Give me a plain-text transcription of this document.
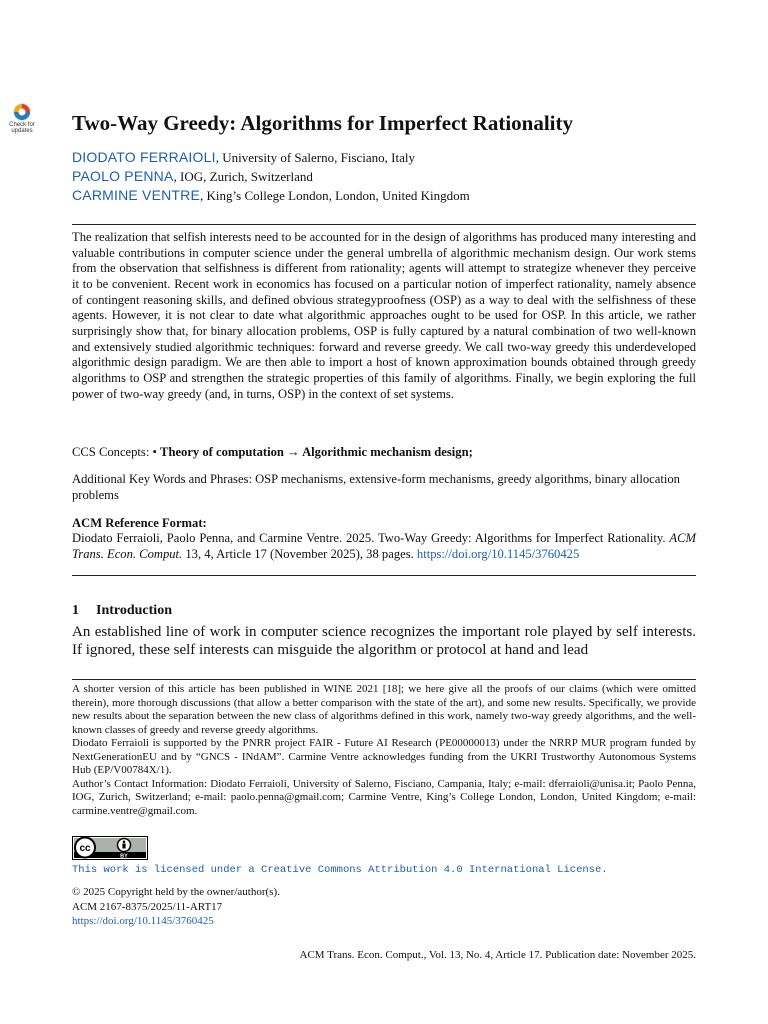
Check for
updates	Two-Way Greedy: Algorithms for Imperfect Rationality
DIODATO FERRAIOLI, University of Salerno, Fisciano, Italy
PAOLO PENNA, IOG, Zurich, Switzerland
CARMINE VENTRE, King’s College London, London, United Kingdom
The realization that selfish interests need to be accounted for in the design of algorithms has produced many interesting and valuable contributions in computer science under the general umbrella of algorithmic mechanism design. Our work stems from the observation that selfishness is different from rationality; agents will attempt to strategize whenever they perceive it to be convenient. Recent work in economics has focused on a particular notion of imperfect rationality, namely absence of contingent reasoning skills, and defined obvious strategyproofness (OSP) as a way to deal with the selfishness of these agents. However, it is not clear to date what algorithmic approaches ought to be used for OSP. In this article, we rather surprisingly show that, for binary allocation problems, OSP is fully captured by a natural combination of two well-known and extensively studied algorithmic techniques: forward and reverse greedy. We call two-way greedy this underdeveloped algorithmic design paradigm. We are then able to import a host of known approximation bounds obtained through greedy algorithms to OSP and strengthen the strategic properties of this family of algorithms. Finally, we begin exploring the full power of two-way greedy (and, in turns, OSP) in the context of set systems.
CCS Concepts: • Theory of computation → Algorithmic mechanism design;
Additional Key Words and Phrases: OSP mechanisms, extensive-form mechanisms, greedy algorithms, binary allocation problems
ACM Reference Format:
Diodato Ferraioli, Paolo Penna, and Carmine Ventre. 2025. Two-Way Greedy: Algorithms for Imperfect Rationality. ACM Trans. Econ. Comput. 13, 4, Article 17 (November 2025), 38 pages. https://doi.org/10.1145/3760425
1 Introduction
An established line of work in computer science recognizes the important role played by self interests. If ignored, these self interests can misguide the algorithm or protocol at hand and lead
A shorter version of this article has been published in WINE 2021 [18]; we here give all the proofs of our claims (which were omitted therein), more thorough discussions (that allow a better comparison with the state of the art), and some new results. Specifically, we provide new results about the separation between the new class of algorithms defined in this work, namely two-way greedy algorithms, and the well-known classes of greedy and reverse greedy algorithms.
Diodato Ferraioli is supported by the PNRR project FAIR - Future AI Research (PE00000013) under the NRRP MUR program funded by NextGenerationEU and by “GNCS - INdAM”. Carmine Ventre acknowledges funding from the UKRI Trustworthy Autonomous Systems Hub (EP/V00784X/1).
Author’s Contact Information: Diodato Ferraioli, University of Salerno, Fisciano, Campania, Italy; e-mail: dferraioli@unisa.it; Paolo Penna, IOG, Zurich, Switzerland; e-mail: paolo.penna@gmail.com; Carmine Ventre, King’s College London, London, United Kingdom; e-mail: carmine.ventre@gmail.com.
cc
BY
This work is licensed under a Creative Commons Attribution 4.0 International License.
© 2025 Copyright held by the owner/author(s).
ACM 2167-8375/2025/11-ART17
https://doi.org/10.1145/3760425
ACM Trans. Econ. Comput., Vol. 13, No. 4, Article 17. Publication date: November 2025.
